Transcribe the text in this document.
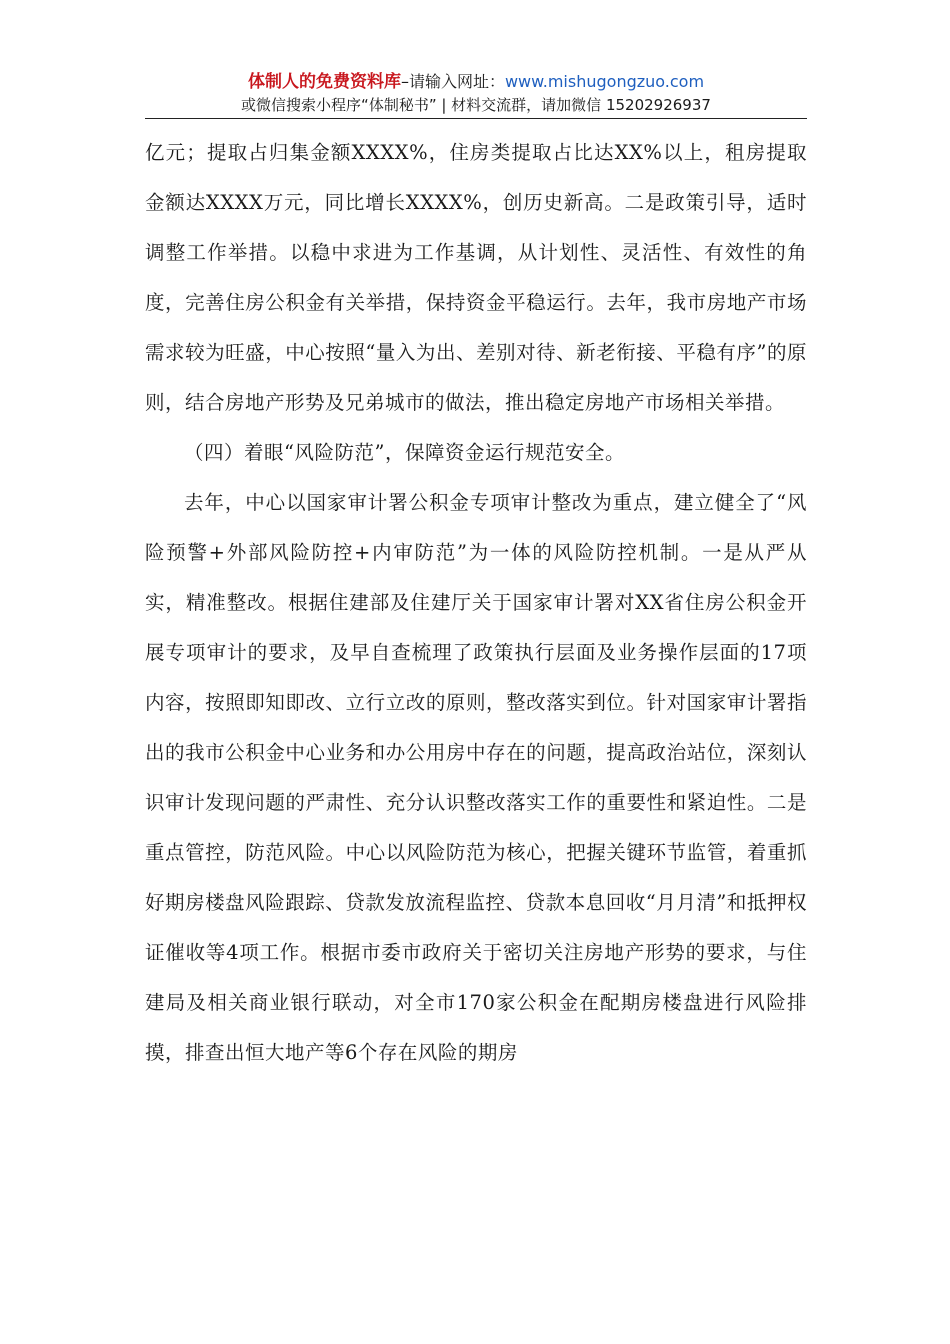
体制人的免费资料库–请输入网址：www.mishugongzuo.com
或微信搜索小程序“体制秘书” | 材料交流群，请加微信 15202926937

亿元；提取占归集金额XXXX%，住房类提取占比达XX%以上，租房提取金额达XXXX万元，同比增长XXXX%，创历史新高。二是政策引导，适时调整工作举措。以稳中求进为工作基调，从计划性、灵活性、有效性的角度，完善住房公积金有关举措，保持资金平稳运行。去年，我市房地产市场需求较为旺盛，中心按照“量入为出、差别对待、新老衔接、平稳有序”的原则，结合房地产形势及兄弟城市的做法，推出稳定房地产市场相关举措。

（四）着眼“风险防范”，保障资金运行规范安全。

去年，中心以国家审计署公积金专项审计整改为重点，建立健全了“风险预警+外部风险防控+内审防范”为一体的风险防控机制。一是从严从实，精准整改。根据住建部及住建厅关于国家审计署对XX省住房公积金开展专项审计的要求，及早自查梳理了政策执行层面及业务操作层面的17项内容，按照即知即改、立行立改的原则，整改落实到位。针对国家审计署指出的我市公积金中心业务和办公用房中存在的问题，提高政治站位，深刻认识审计发现问题的严肃性、充分认识整改落实工作的重要性和紧迫性。二是重点管控，防范风险。中心以风险防范为核心，把握关键环节监管，着重抓好期房楼盘风险跟踪、贷款发放流程监控、贷款本息回收“月月清”和抵押权证催收等4项工作。根据市委市政府关于密切关注房地产形势的要求，与住建局及相关商业银行联动，对全市170家公积金在配期房楼盘进行风险排摸，排查出恒大地产等6个存在风险的期房
